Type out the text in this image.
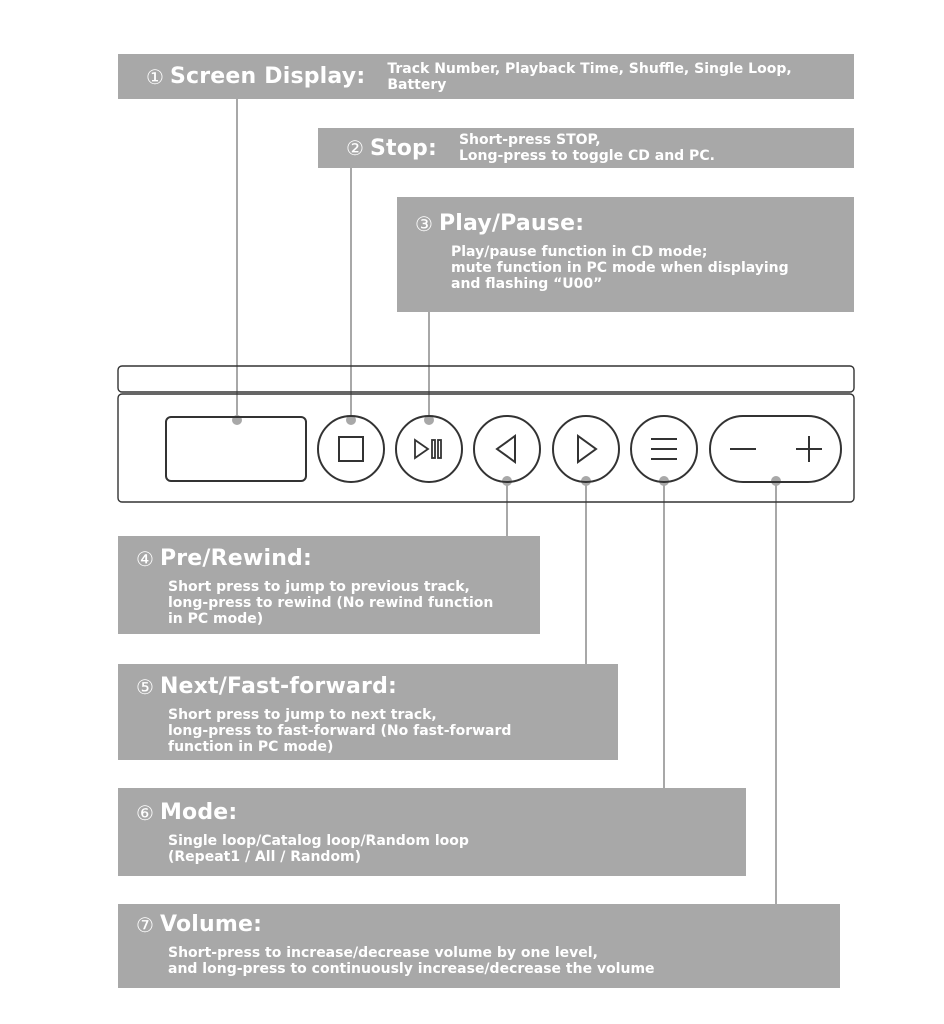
① Screen Display: Track Number, Playback Time, Shuffle, Single Loop,
Battery
② Stop: Short-press STOP,
Long-press to toggle CD and PC.
③ Play/Pause:
Play/pause function in CD mode;
mute function in PC mode when displaying
and flashing “U00”
④ Pre/Rewind:
Short press to jump to previous track,
long-press to rewind (No rewind function
in PC mode)
⑤ Next/Fast-forward:
Short press to jump to next track,
long-press to fast-forward (No fast-forward
function in PC mode)
⑥ Mode:
Single loop/Catalog loop/Random loop
(Repeat1 / All / Random)
⑦ Volume:
Short-press to increase/decrease volume by one level,
and long-press to continuously increase/decrease the volume
